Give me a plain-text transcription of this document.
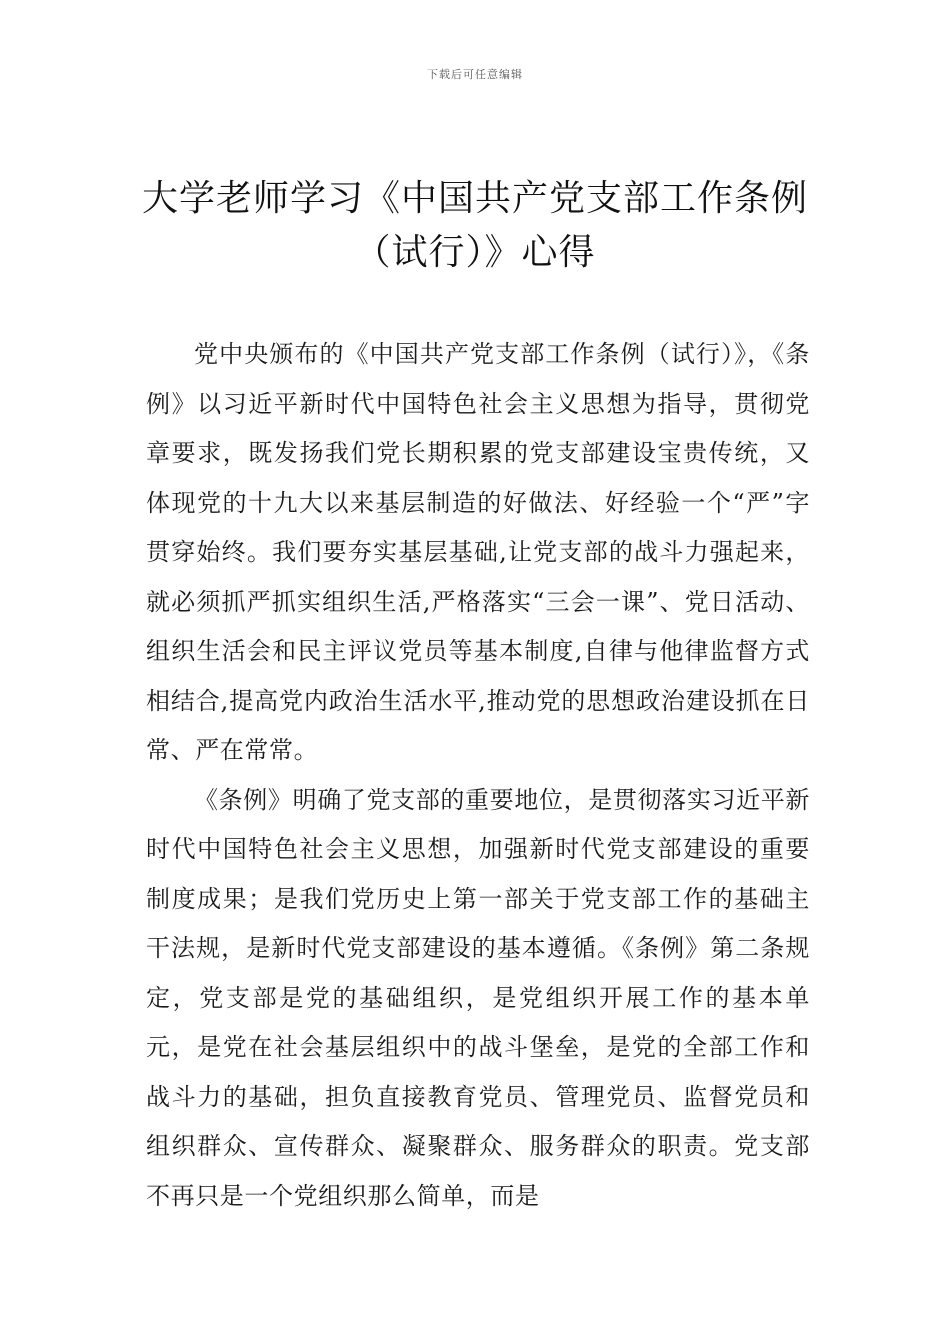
下载后可任意编辑
大学老师学习《中国共产党支部工作条例
（试行）》心得

党中央颁布的《中国共产党支部工作条例（试行）》，《条例》以习近平新时代中国特色社会主义思想为指导，贯彻党章要求，既发扬我们党长期积累的党支部建设宝贵传统，又体现党的十九大以来基层制造的好做法、好经验一个“严”字贯穿始终。我们要夯实基层基础,让党支部的战斗力强起来，就必须抓严抓实组织生活,严格落实“三会一课”、党日活动、组织生活会和民主评议党员等基本制度,自律与他律监督方式相结合,提高党内政治生活水平,推动党的思想政治建设抓在日常、严在常常。

《条例》明确了党支部的重要地位，是贯彻落实习近平新时代中国特色社会主义思想，加强新时代党支部建设的重要制度成果；是我们党历史上第一部关于党支部工作的基础主干法规，是新时代党支部建设的基本遵循。《条例》第二条规定，党支部是党的基础组织，是党组织开展工作的基本单元，是党在社会基层组织中的战斗堡垒，是党的全部工作和战斗力的基础，担负直接教育党员、管理党员、监督党员和组织群众、宣传群众、凝聚群众、服务群众的职责。党支部不再只是一个党组织那么简单，而是
